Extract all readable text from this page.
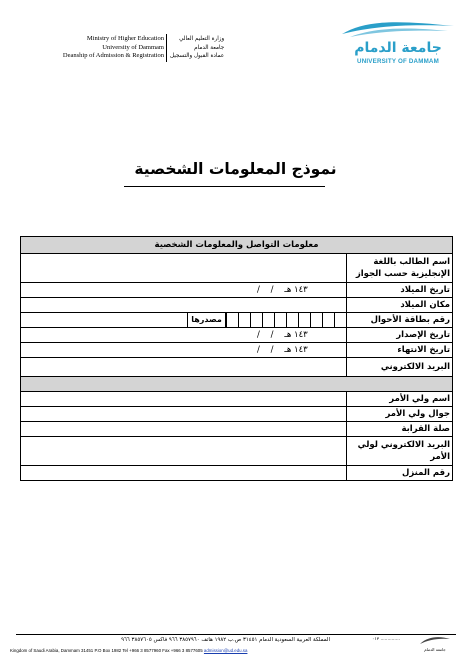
جامعة الدمام
UNIVERSITY OF DAMMAM
Ministry of Higher Education
University of Dammam
Deanship of Admission & Registration
وزارة التعليم العالي
جامعة الدمام
عمادة القبول والتسجيل
نموذج المعلومات الشخصية
معلومات التواصل والمعلومات الشخصية	
	اسم الطالب باللغة الإنجليزية حسب الجواز
/    /    ١٤٣ هـ	تاريخ الميلاد
	مكان الميلاد

مصدرها	رقم بطاقة الأحوال
/    /    ١٤٣ هـ	تاريخ الإصدار
/    /    ١٤٣ هـ	تاريخ الانتهاء
	البريد الالكتروني

	اسم ولي الأمر
	جوال ولي الأمر
	صلة القرابة
	البريد الالكتروني لولي الأمر
	رقم المنزل
المملكة العربية السعودية الدمام ٣١٤٥١ ص.ب ١٩٨٢ هاتف ٣٨٥٧٩٦٠ ٩٦٦ فاكس ٣٨٥٧٦٠٥ ٩٦٦
Kingdom of Saudi Arabia, Dammam 31451 P.O Box 1982 Tel +966 3 8577960 Fax +966 3 8577605 admission@ud.edu.sa
٠١٣ ..............
جامعة الدمام
